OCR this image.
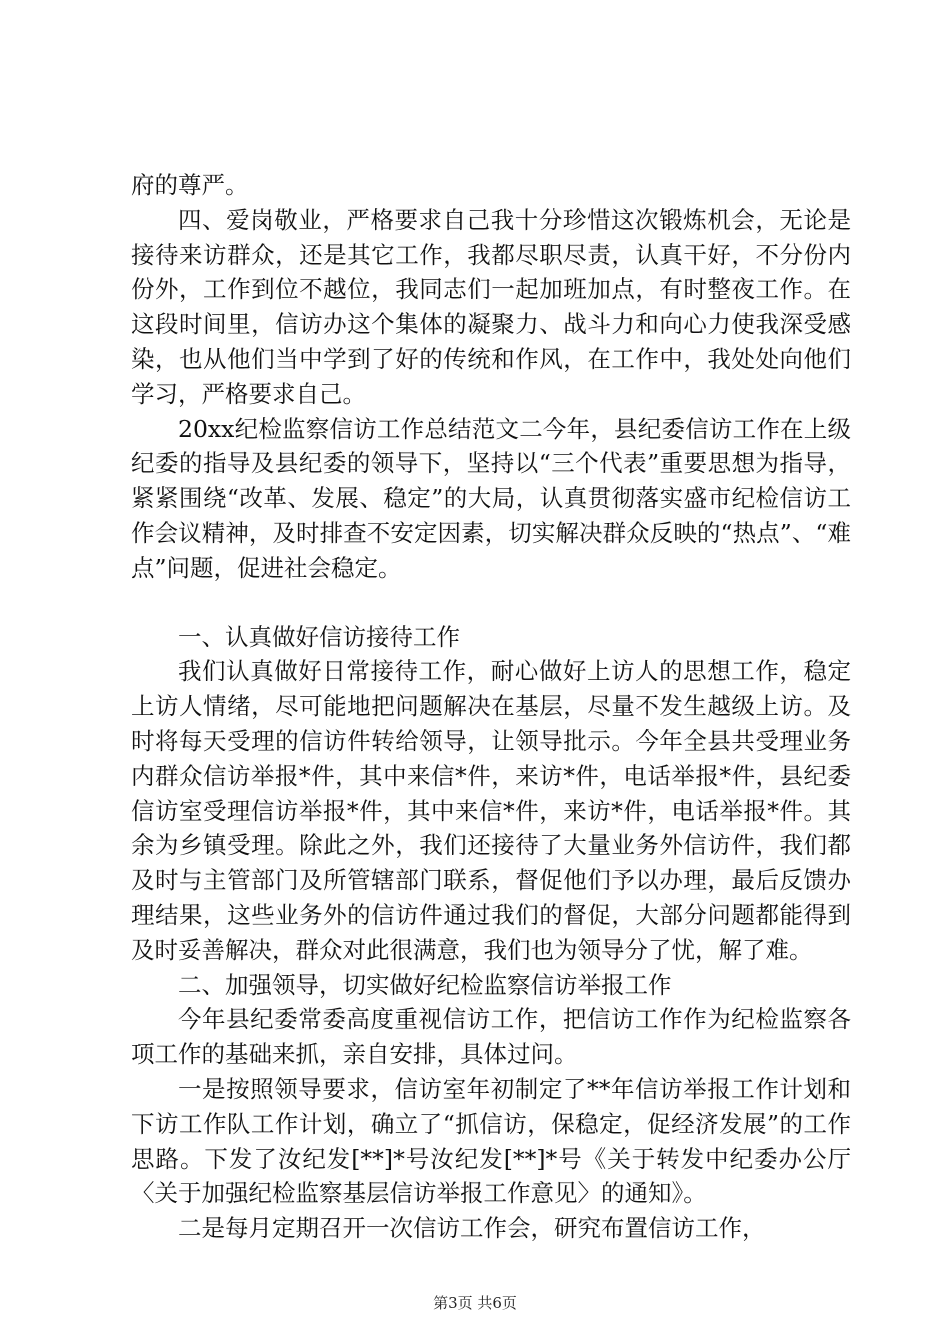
府的尊严。

四、爱岗敬业，严格要求自己我十分珍惜这次锻炼机会，无论是接待来访群众，还是其它工作，我都尽职尽责，认真干好，不分份内份外，工作到位不越位，我同志们一起加班加点，有时整夜工作。在这段时间里，信访办这个集体的凝聚力、战斗力和向心力使我深受感染，也从他们当中学到了好的传统和作风，在工作中，我处处向他们学习，严格要求自己。

20xx纪检监察信访工作总结范文二今年，县纪委信访工作在上级纪委的指导及县纪委的领导下，坚持以“三个代表”重要思想为指导，紧紧围绕“改革、发展、稳定”的大局，认真贯彻落实盛市纪检信访工作会议精神，及时排查不安定因素，切实解决群众反映的“热点”、“难点”问题，促进社会稳定。

一、认真做好信访接待工作

我们认真做好日常接待工作，耐心做好上访人的思想工作，稳定上访人情绪，尽可能地把问题解决在基层，尽量不发生越级上访。及时将每天受理的信访件转给领导，让领导批示。今年全县共受理业务内群众信访举报*件，其中来信*件，来访*件，电话举报*件，县纪委信访室受理信访举报*件，其中来信*件，来访*件，电话举报*件。其余为乡镇受理。除此之外，我们还接待了大量业务外信访件，我们都及时与主管部门及所管辖部门联系，督促他们予以办理，最后反馈办理结果，这些业务外的信访件通过我们的督促，大部分问题都能得到及时妥善解决，群众对此很满意，我们也为领导分了忧，解了难。

二、加强领导，切实做好纪检监察信访举报工作

今年县纪委常委高度重视信访工作，把信访工作作为纪检监察各项工作的基础来抓，亲自安排，具体过问。

一是按照领导要求，信访室年初制定了**年信访举报工作计划和下访工作队工作计划，确立了“抓信访，保稳定，促经济发展”的工作思路。下发了汝纪发[**]*号汝纪发[**]*号《关于转发中纪委办公厅〈关于加强纪检监察基层信访举报工作意见〉的通知》。

二是每月定期召开一次信访工作会，研究布置信访工作，

第3页 共6页
